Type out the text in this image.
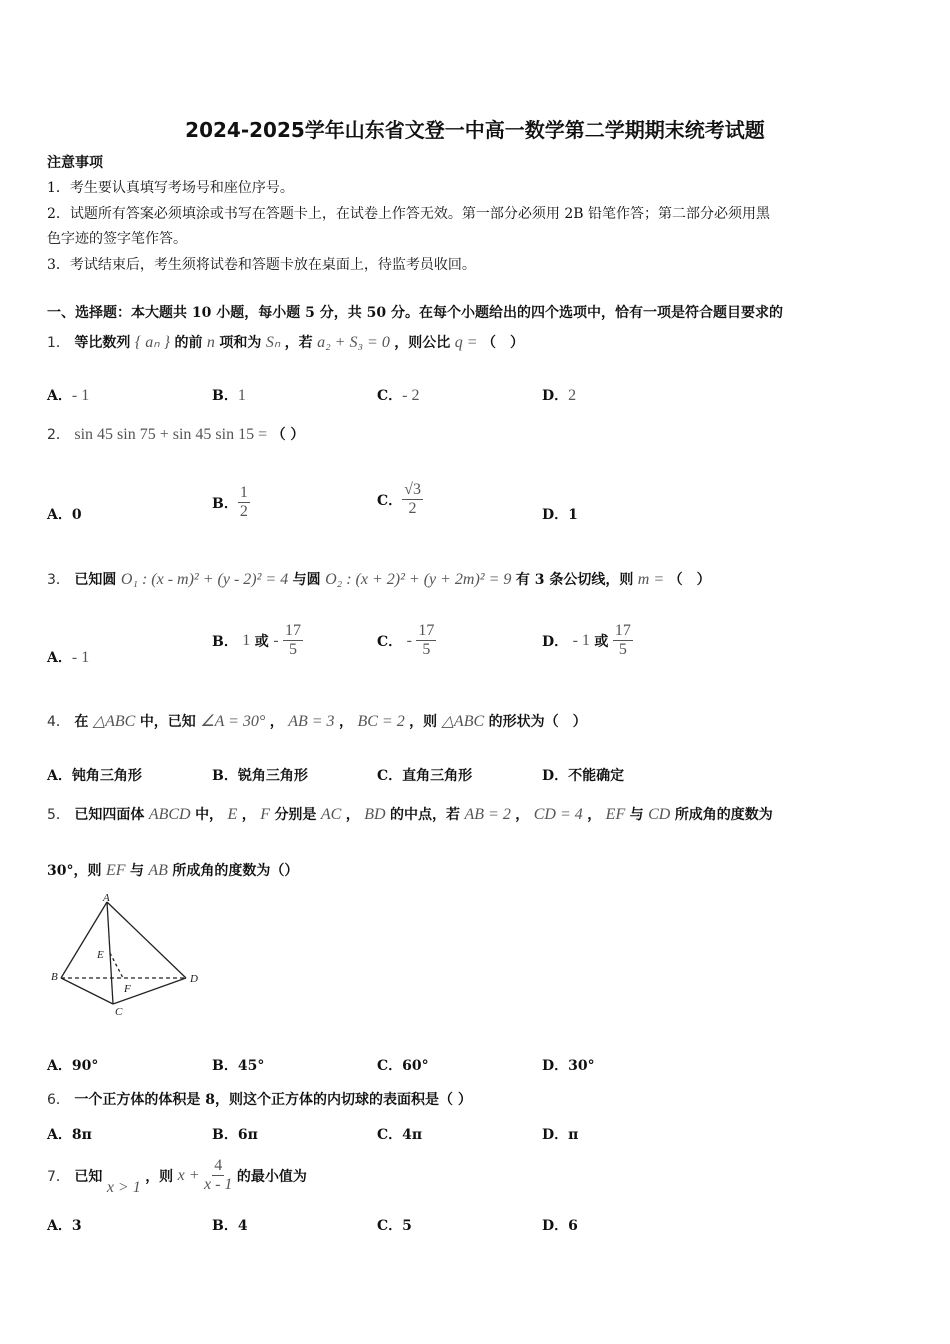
2024-2025学年山东省文登一中高一数学第二学期期末统考试题
注意事项
1．考生要认真填写考场号和座位序号。
2．试题所有答案必须填涂或书写在答题卡上，在试卷上作答无效。第一部分必须用 2B 铅笔作答；第二部分必须用黑
色字迹的签字笔作答。
3．考试结束后，考生须将试卷和答题卡放在桌面上，待监考员收回。
一、选择题：本大题共 10 小题，每小题 5 分，共 50 分。在每个小题给出的四个选项中，恰有一项是符合题目要求的
1． 等比数列 { aₙ } 的前 n 项和为 Sₙ ，若 a₂ + S₃ = 0 ，则公比 q = （　）
A．- 1	B．1	C．- 2	D．2
2． sin 45 sin 75 + sin 45 sin 15 = （ ）
A．0
B． $\frac{1}{2}$	C． $\frac{√3}{2}$	D．1
3． 已知圆 O₁ : (x - m)² + (y - 2)² = 4 与圆 O₂ : (x + 2)² + (y + 2m)² = 9 有 3 条公切线，则 m = （　）
A．- 1
B． 1 或 - $\frac{17}{5}$	C． - $\frac{17}{5}$	D． - 1 或 $\frac{17}{5}$
4． 在 △ABC 中，已知 ∠A = 30° ， AB = 3 ， BC = 2 ，则 △ABC 的形状为（　）
A．钝角三角形	B．锐角三角形	C．直角三角形	D．不能确定
5． 已知四面体 ABCD 中， E ， F 分别是 AC ， BD 的中点，若 AB = 2 ， CD = 4 ， EF 与 CD 所成角的度数为
30°，则 EF 与 AB 所成角的度数为（）
A
B
C
D
E
F
A．90°	B．45°	C．60°	D．30°
6． 一个正方体的体积是 8，则这个正方体的内切球的表面积是（ ）
A．8π	B．6π	C．4π	D．π
7． 已知 x > 1 ，则 $x + \frac{4}{x - 1}$ 的最小值为
A．3	B．4	C．5	D．6
